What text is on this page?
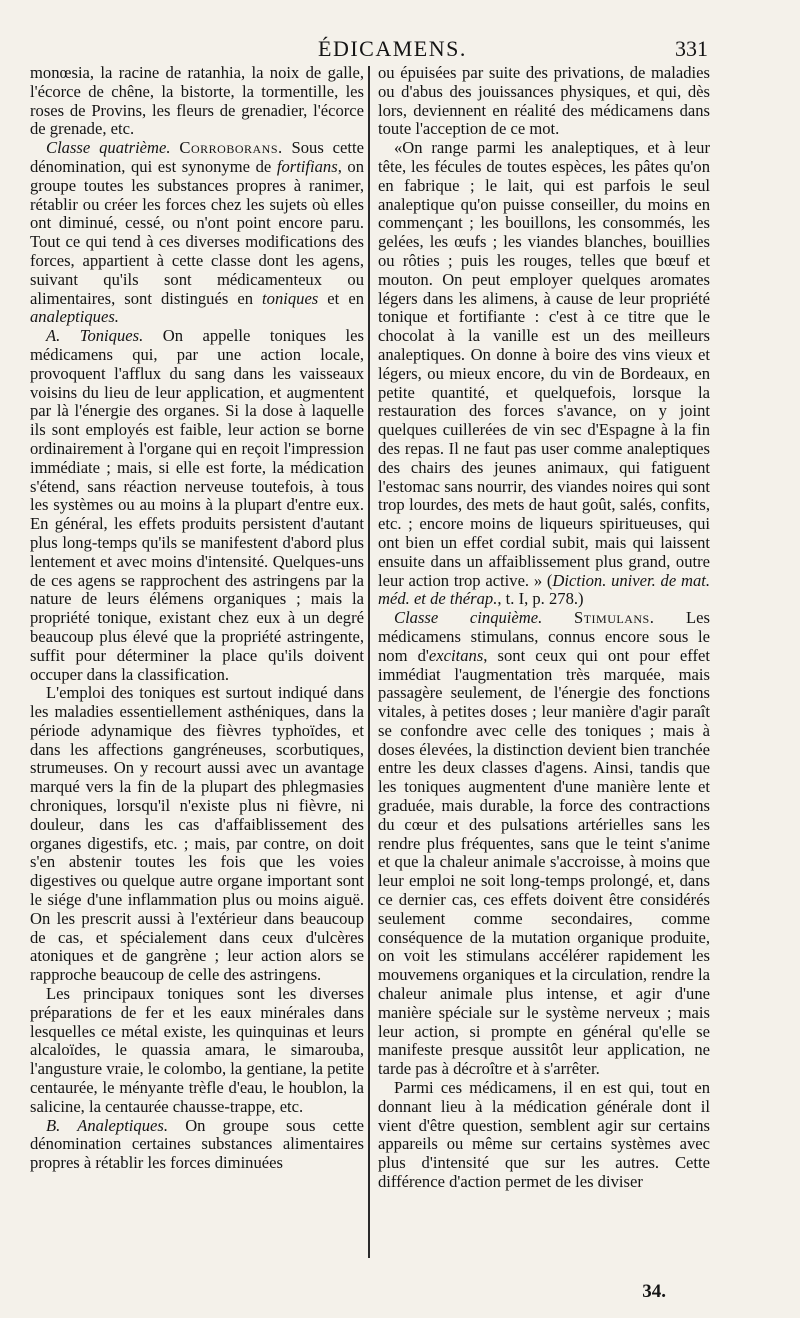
ÉDICAMENS.	331

monœsia, la racine de ratanhia, la noix de galle, l'écorce de chêne, la bistorte, la tormentille, les roses de Provins, les fleurs de grenadier, l'écorce de grenade, etc.

Classe quatrième. Corroborans. Sous cette dénomination, qui est synonyme de fortifians, on groupe toutes les substances propres à ranimer, rétablir ou créer les forces chez les sujets où elles ont diminué, cessé, ou n'ont point encore paru. Tout ce qui tend à ces diverses modifications des forces, appartient à cette classe dont les agens, suivant qu'ils sont médicamenteux ou alimentaires, sont distingués en toniques et en analeptiques.

A. Toniques. On appelle toniques les médicamens qui, par une action locale, provoquent l'afflux du sang dans les vaisseaux voisins du lieu de leur application, et augmentent par là l'énergie des organes. Si la dose à laquelle ils sont employés est faible, leur action se borne ordinairement à l'organe qui en reçoit l'impression immédiate ; mais, si elle est forte, la médication s'étend, sans réaction nerveuse toutefois, à tous les systèmes ou au moins à la plupart d'entre eux. En général, les effets produits persistent d'autant plus long-temps qu'ils se manifestent d'abord plus lentement et avec moins d'intensité. Quelques-uns de ces agens se rapprochent des astringens par la nature de leurs élémens organiques ; mais la propriété tonique, existant chez eux à un degré beaucoup plus élevé que la propriété astringente, suffit pour déterminer la place qu'ils doivent occuper dans la classification.

L'emploi des toniques est surtout indiqué dans les maladies essentiellement asthéniques, dans la période adynamique des fièvres typhoïdes, et dans les affections gangréneuses, scorbutiques, strumeuses. On y recourt aussi avec un avantage marqué vers la fin de la plupart des phlegmasies chroniques, lorsqu'il n'existe plus ni fièvre, ni douleur, dans les cas d'affaiblissement des organes digestifs, etc. ; mais, par contre, on doit s'en abstenir toutes les fois que les voies digestives ou quelque autre organe important sont le siége d'une inflammation plus ou moins aiguë. On les prescrit aussi à l'extérieur dans beaucoup de cas, et spécialement dans ceux d'ulcères atoniques et de gangrène ; leur action alors se rapproche beaucoup de celle des astringens.

Les principaux toniques sont les diverses préparations de fer et les eaux minérales dans lesquelles ce métal existe, les quinquinas et leurs alcaloïdes, le quassia amara, le simarouba, l'angusture vraie, le colombo, la gentiane, la petite centaurée, le ményante trèfle d'eau, le houblon, la salicine, la centaurée chausse-trappe, etc.

B. Analeptiques. On groupe sous cette dénomination certaines substances alimentaires propres à rétablir les forces diminuées

ou épuisées par suite des privations, de maladies ou d'abus des jouissances physiques, et qui, dès lors, deviennent en réalité des médicamens dans toute l'acception de ce mot.

«On range parmi les analeptiques, et à leur tête, les fécules de toutes espèces, les pâtes qu'on en fabrique ; le lait, qui est parfois le seul analeptique qu'on puisse conseiller, du moins en commençant ; les bouillons, les consommés, les gelées, les œufs ; les viandes blanches, bouillies ou rôties ; puis les rouges, telles que bœuf et mouton. On peut employer quelques aromates légers dans les alimens, à cause de leur propriété tonique et fortifiante : c'est à ce titre que le chocolat à la vanille est un des meilleurs analeptiques. On donne à boire des vins vieux et légers, ou mieux encore, du vin de Bordeaux, en petite quantité, et quelquefois, lorsque la restauration des forces s'avance, on y joint quelques cuillerées de vin sec d'Espagne à la fin des repas. Il ne faut pas user comme analeptiques des chairs des jeunes animaux, qui fatiguent l'estomac sans nourrir, des viandes noires qui sont trop lourdes, des mets de haut goût, salés, confits, etc. ; encore moins de liqueurs spiritueuses, qui ont bien un effet cordial subit, mais qui laissent ensuite dans un affaiblissement plus grand, outre leur action trop active. » (Diction. univer. de mat. méd. et de thérap., t. I, p. 278.)

Classe cinquième. Stimulans. Les médicamens stimulans, connus encore sous le nom d'excitans, sont ceux qui ont pour effet immédiat l'augmentation très marquée, mais passagère seulement, de l'énergie des fonctions vitales, à petites doses ; leur manière d'agir paraît se confondre avec celle des toniques ; mais à doses élevées, la distinction devient bien tranchée entre les deux classes d'agens. Ainsi, tandis que les toniques augmentent d'une manière lente et graduée, mais durable, la force des contractions du cœur et des pulsations artérielles sans les rendre plus fréquentes, sans que le teint s'anime et que la chaleur animale s'accroisse, à moins que leur emploi ne soit long-temps prolongé, et, dans ce dernier cas, ces effets doivent être considérés seulement comme secondaires, comme conséquence de la mutation organique produite, on voit les stimulans accélérer rapidement les mouvemens organiques et la circulation, rendre la chaleur animale plus intense, et agir d'une manière spéciale sur le système nerveux ; mais leur action, si prompte en général qu'elle se manifeste presque aussitôt leur application, ne tarde pas à décroître et à s'arrêter.

Parmi ces médicamens, il en est qui, tout en donnant lieu à la médication générale dont il vient d'être question, semblent agir sur certains appareils ou même sur certains systèmes avec plus d'intensité que sur les autres. Cette différence d'action permet de les diviser

34.
